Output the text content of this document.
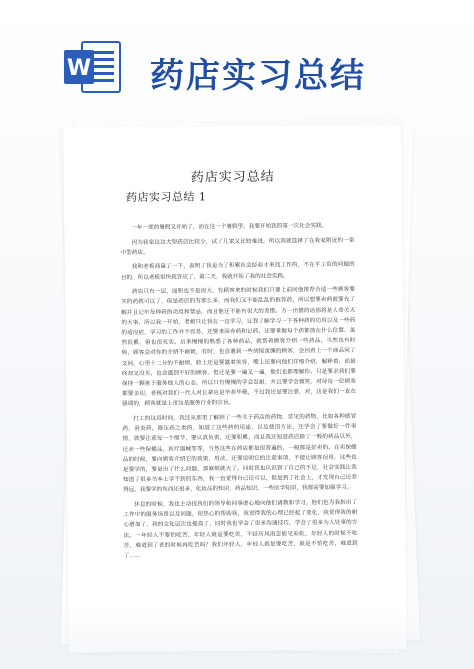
W 药店实习总结
药店实习总结
药店实习总结 1

一年一度的暑假又开始了，而在这一个暑假里，我要开始我的第一次社会实践。

因为我家这边大型药店比较少，试了几家又比较难进，所以我就选择了在我家附近的一家中型药店。

我和老板商量了一下，表明了我是为了积累社会经验才来找工作的，不在乎工资的问题的目的，所以老板很快就答应了，第二天，我就开始了我的社会实践。

药店只有一层，面积也不是很大，有顾客来的时候我们只要上前问他推荐合适一些顾客要买的药就可以了，但是药店的有那么多，而我们又不能乱乱的推荐药，所以想要卖药就要先了解并且记牢每种药的功用和禁忌，而且他还不能有很大的差错。方一出错的话那将是人命关天的大事，所以我一开始，老板只让我在一边学习，让我了解学习一下各种药的功用以及一些药的适应症，学习的工作并不容易，还要来回奔药和记药，还要掌握每个药都放在什么位置。虽然很累，但也很充实。后来慢慢的熟悉了各种药品，就帮着顾客介绍一些药品。当然也有时候，顾客会对你的介绍不耐烦，有时，也会遇到一些胡搅蛮缠的顾客，会因着上一个商品问了又问，心里十二分的不耐烦，脸上还是要露着笑容，嘴上还要向他们详细介绍，解释着，而最终却又没买，也会遇到不好的顾客。但还是要一遍又一遍，他们也都理解你。只是要求我们要保持一颗善于服务他人的心态，所以只有慢慢的学会忍耐，并且要学会微笑，对待每一位顾客都要亲切，老板对我们一代人对长辈应是毕恭毕敬，不过我还是要注意，对，这是我们一直在强调的，顾客就是上帝这是服务行业的宗旨。

打工的这段时间，我还从那里了解到了一些关于药店的药物，常见的药物，比如各种感冒药，消炎药，降压药之类的，知道了这些药的用途，以及使用方法，还学会了要做好一件事情，就要注意每一个细节，要认真负责，还要积累。而且我还知道药店除了一般的药品以外，还卖一些保健品，医疗器械等等，当然这些在药店都是很普遍的，一般都是好卖的。在卖保健品的时候，要向顾客介绍它的效果，用法，还要说明它的注意事项，不能让顾客误用，这些也是要学的，要是出了什么问题，那麻烦就大了。同时我也认识到了自己的不足，社会实践让我知道了很多书本上学不到的东西，我一直觉得自己还可以，但是到了社会上，才发现自己还差得远，我要学的东西还很多，化妆品的知识，药品知识，一些医学知识，我都需要加强学习。

休息的时候，我也主动找我们的领导和同事虚心地向他们请教和学习，他们也为我指出了工作中的服务场景以及问题，很热心的帮助我，我觉得我的心理已经起了变化，我觉得我的耐心增加了，我的文化层次也提高了，同时我也学会了很多沟通技巧，学会了很多为人处事的方法。一年轻人不要怕吃苦，年轻人就是要吃苦，不经历风雨怎能见彩虹，年轻人的时候不吃苦，难道到了老的时候再吃苦吗？我们年轻人，年轻人就是要吃苦，就是不怕吃苦，难道到了……
